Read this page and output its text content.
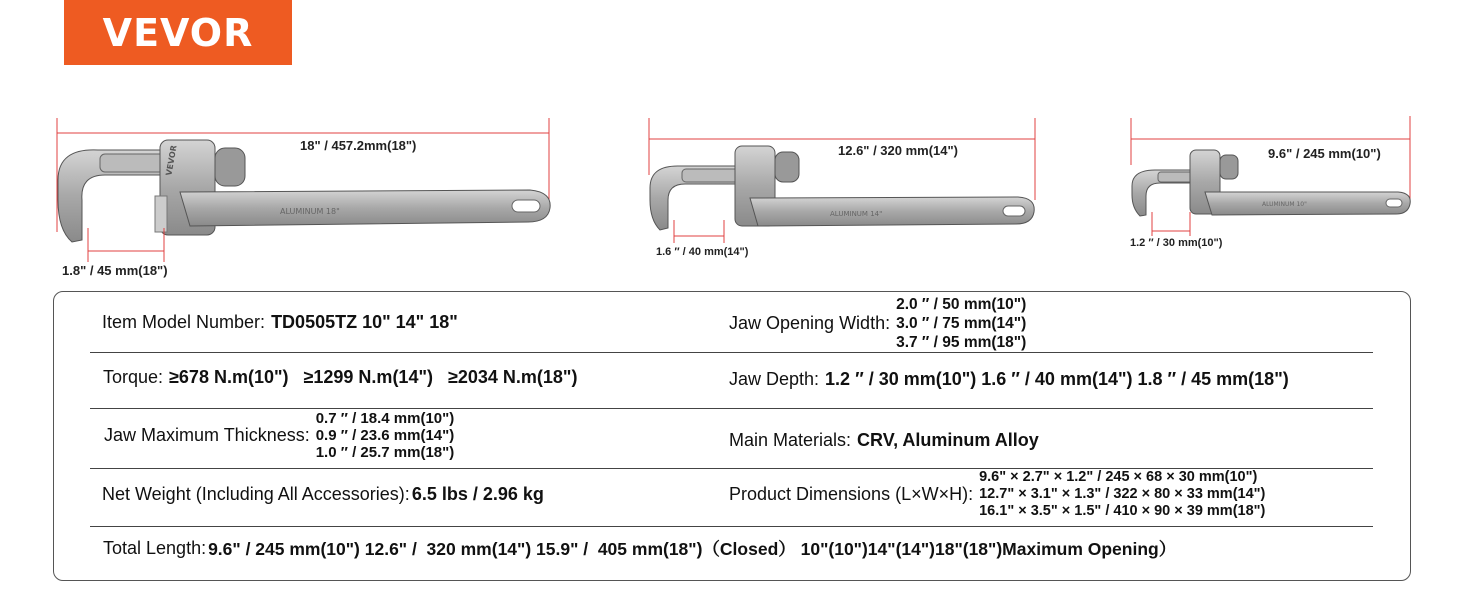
VEVOR
VEVOR
ALUMINUM 18"	ALUMINUM 14"
ALUMINUM 10"
18" / 457.2mm(18")
1.8" / 45 mm(18")
12.6" / 320 mm(14")
1.6 ″ / 40 mm(14")
9.6" / 245 mm(10")
1.2 ″ / 30 mm(10")
Item Model Number: TD0505TZ 10" 14" 18"	Jaw Opening Width:
2.0 ″ / 50 mm(10")
3.0 ″ / 75 mm(14")
3.7 ″ / 95 mm(18")
Torque: ≥678 N.m(10")   ≥1299 N.m(14")   ≥2034 N.m(18")	Jaw Depth: 1.2 ″ / 30 mm(10") 1.6 ″ / 40 mm(14") 1.8 ″ / 45 mm(18")
Jaw Maximum Thickness:
0.7 ″ / 18.4 mm(10")
0.9 ″ / 23.6 mm(14")
1.0 ″ / 25.7 mm(18")
Main Materials: CRV, Aluminum Alloy
Net Weight (Including All Accessories): 6.5 lbs / 2.96 kg	Product Dimensions (L×W×H):
9.6" × 2.7" × 1.2" / 245 × 68 × 30 mm(10")
12.7" × 3.1" × 1.3" / 322 × 80 × 33 mm(14")
16.1" × 3.5" × 1.5" / 410 × 90 × 39 mm(18")
Total Length: 9.6" / 245 mm(10") 12.6" /  320 mm(14") 15.9" /  405 mm(18")（Closed） 10"(10")14"(14")18"(18")Maximum Opening）
